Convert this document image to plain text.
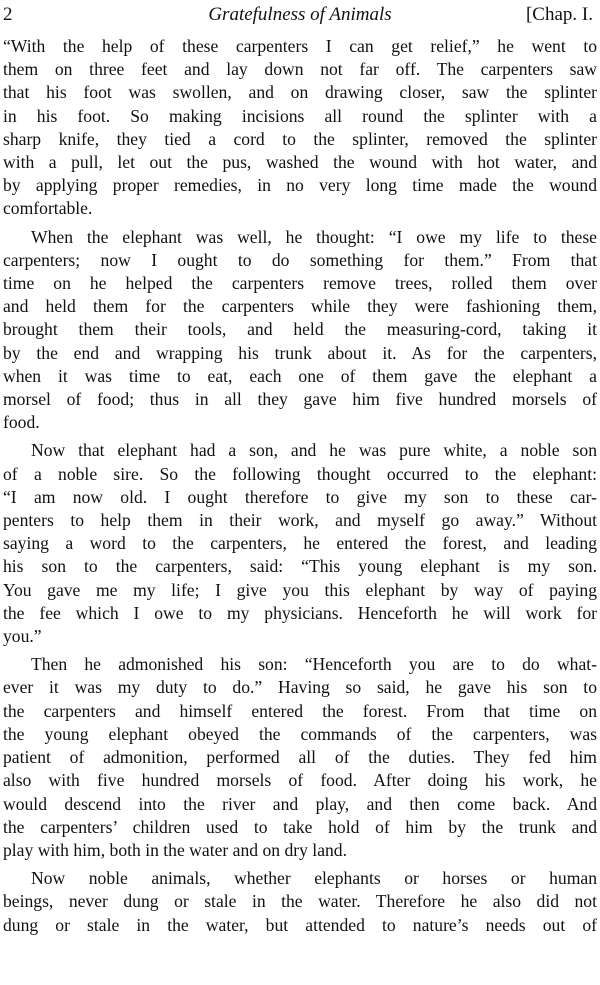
2	Gratefulness of Animals	[Chap. I.

“With the help of these carpenters I can get relief,” he went to
them on three feet and lay down not far off. The carpenters saw
that his foot was swollen, and on drawing closer, saw the splinter
in his foot. So making incisions all round the splinter with a
sharp knife, they tied a cord to the splinter, removed the splinter
with a pull, let out the pus, washed the wound with hot water, and
by applying proper remedies, in no very long time made the wound
comfortable.

When the elephant was well, he thought: “I owe my life to these
carpenters; now I ought to do something for them.” From that
time on he helped the carpenters remove trees, rolled them over
and held them for the carpenters while they were fashioning them,
brought them their tools, and held the measuring-cord, taking it
by the end and wrapping his trunk about it. As for the carpenters,
when it was time to eat, each one of them gave the elephant a
morsel of food; thus in all they gave him five hundred morsels of
food.

Now that elephant had a son, and he was pure white, a noble son
of a noble sire. So the following thought occurred to the elephant:
“I am now old. I ought therefore to give my son to these car-
penters to help them in their work, and myself go away.” Without
saying a word to the carpenters, he entered the forest, and leading
his son to the carpenters, said: “This young elephant is my son.
You gave me my life; I give you this elephant by way of paying
the fee which I owe to my physicians. Henceforth he will work for
you.”

Then he admonished his son: “Henceforth you are to do what-
ever it was my duty to do.” Having so said, he gave his son to
the carpenters and himself entered the forest. From that time on
the young elephant obeyed the commands of the carpenters, was
patient of admonition, performed all of the duties. They fed him
also with five hundred morsels of food. After doing his work, he
would descend into the river and play, and then come back. And
the carpenters’ children used to take hold of him by the trunk and
play with him, both in the water and on dry land.

Now noble animals, whether elephants or horses or human
beings, never dung or stale in the water. Therefore he also did not
dung or stale in the water, but attended to nature’s needs out of
